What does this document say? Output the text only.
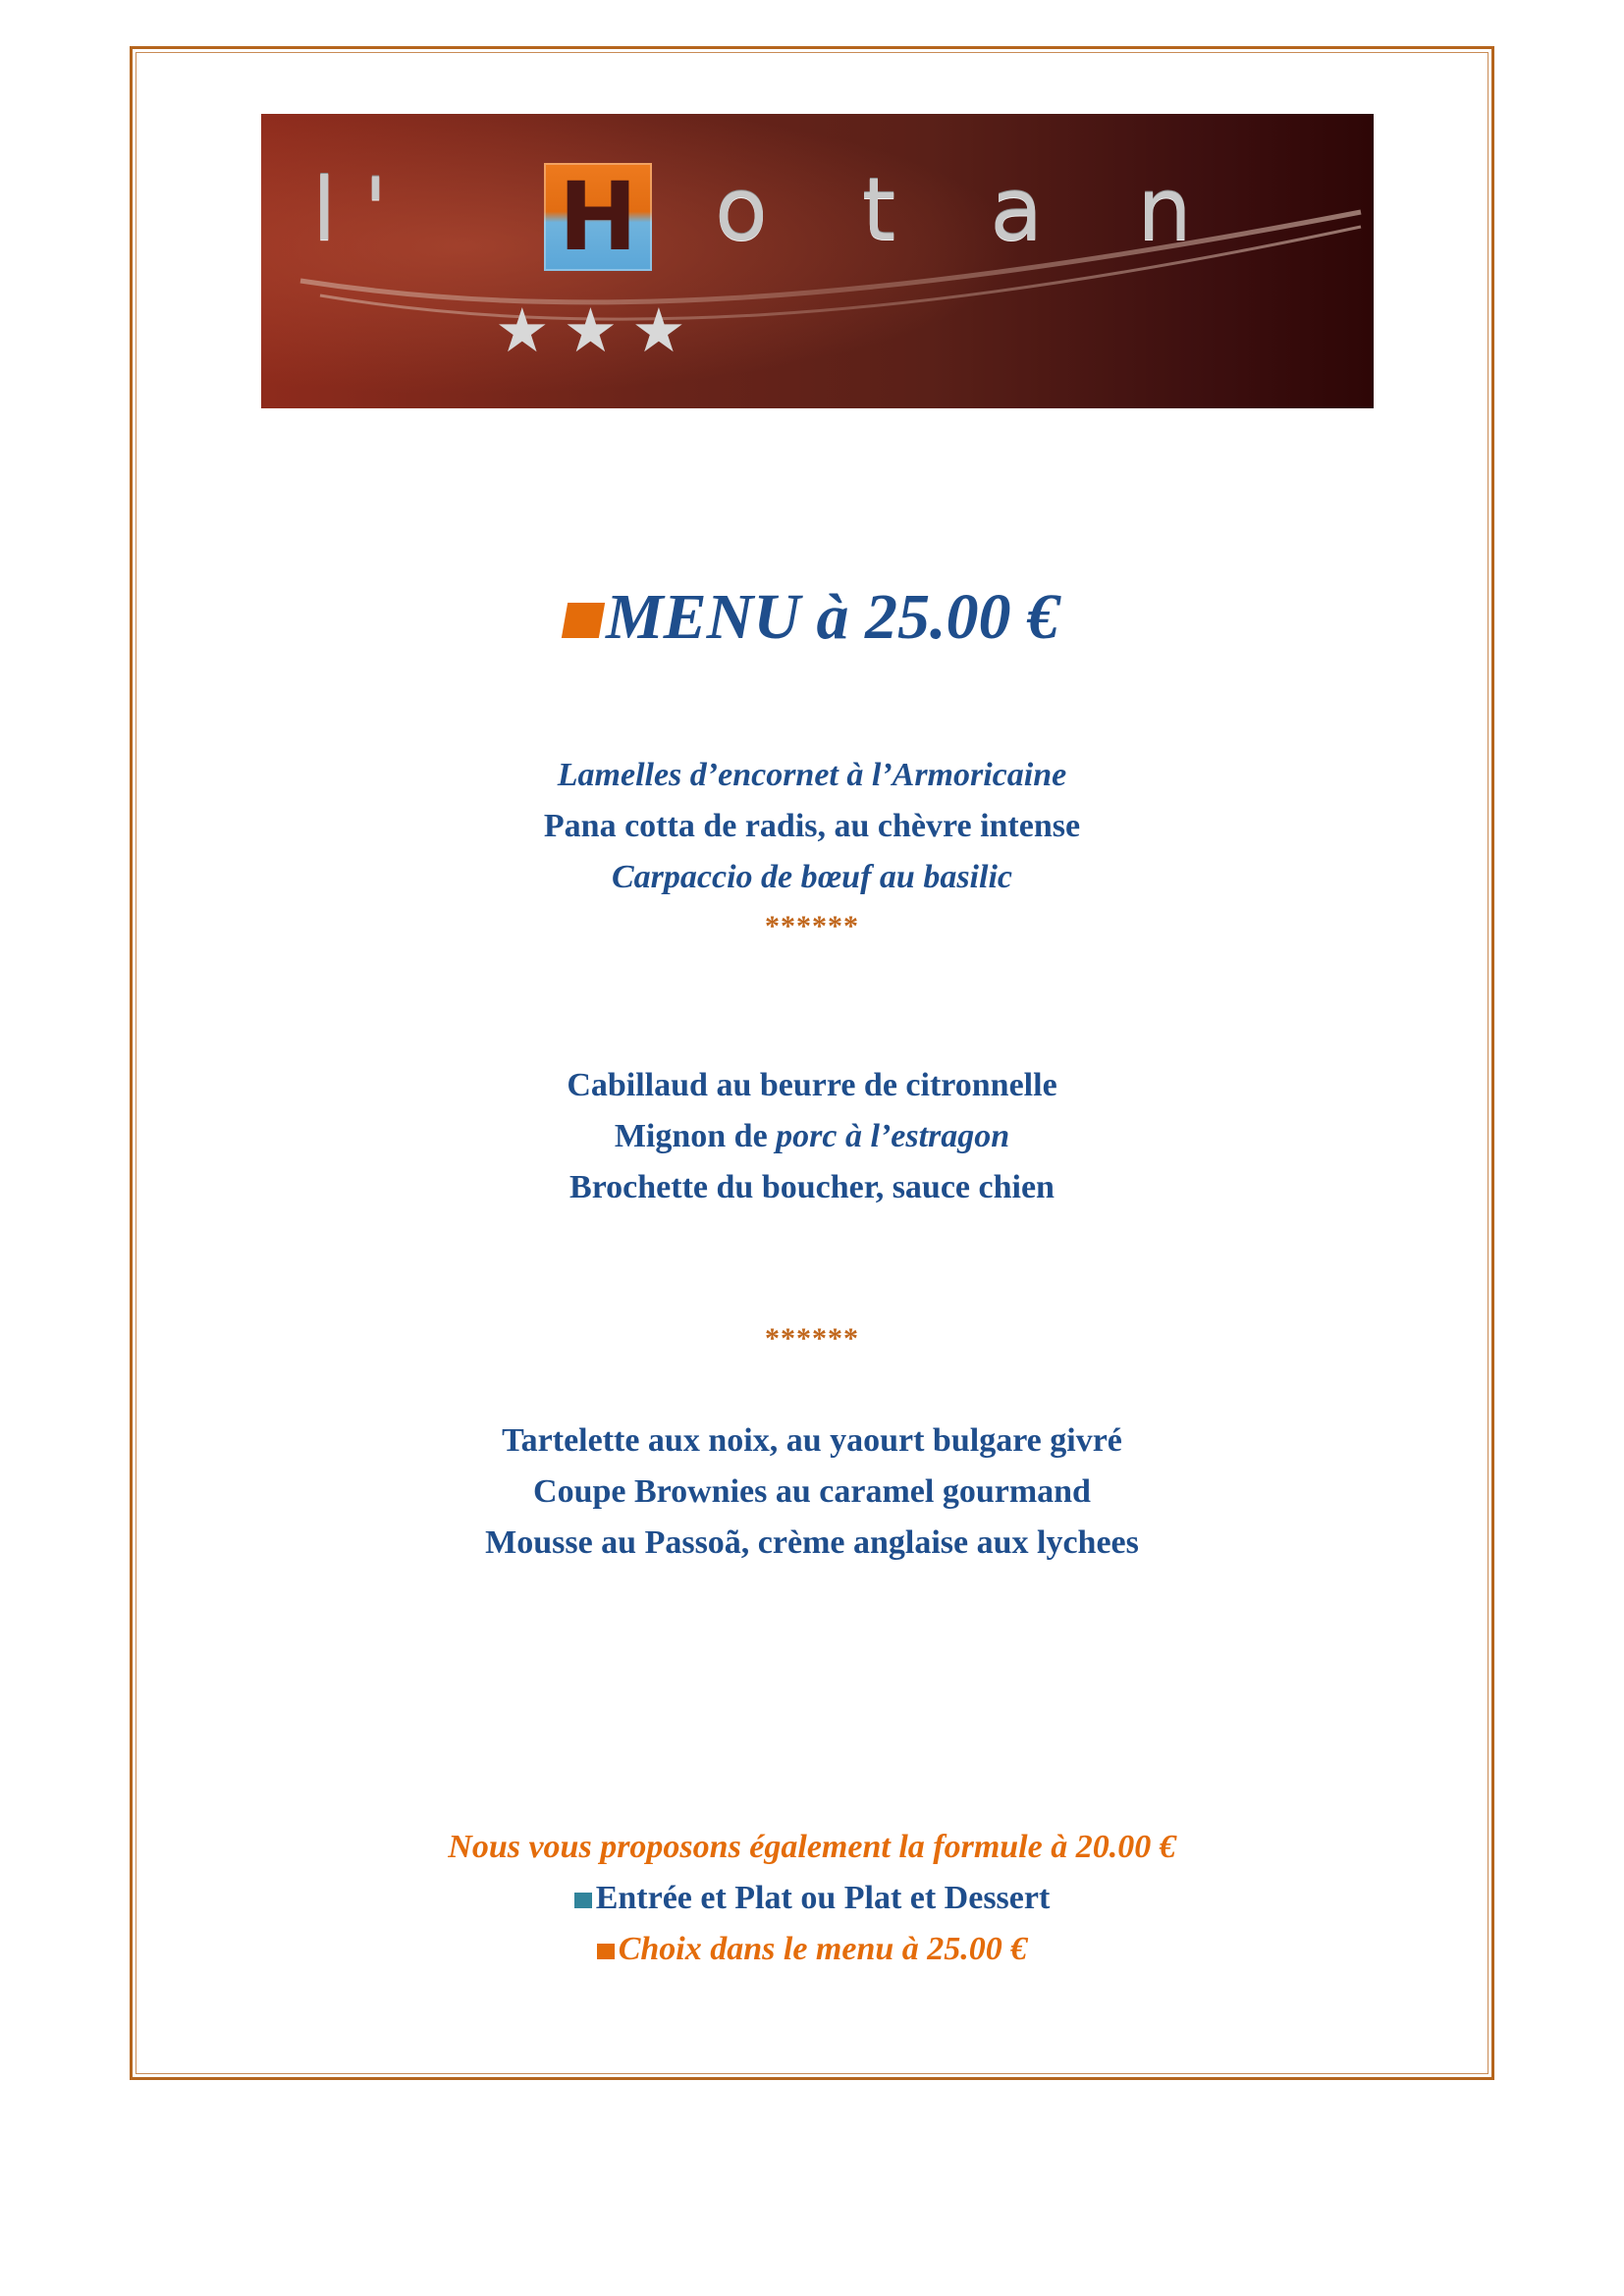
l ' H o  t  a  n
★★★
MENU à 25.00 €
Lamelles d’encornet à l’Armoricaine
Pana cotta de radis, au chèvre intense
Carpaccio de bœuf au basilic
******
Cabillaud au beurre de citronnelle
Mignon de porc à l’estragon
Brochette du boucher, sauce chien
******
Tartelette aux noix, au yaourt bulgare givré
Coupe Brownies au caramel gourmand
Mousse au Passoã, crème anglaise aux lychees
Nous vous proposons également la formule à 20.00 €
Entrée et Plat ou Plat et Dessert
Choix dans le menu à 25.00 €
